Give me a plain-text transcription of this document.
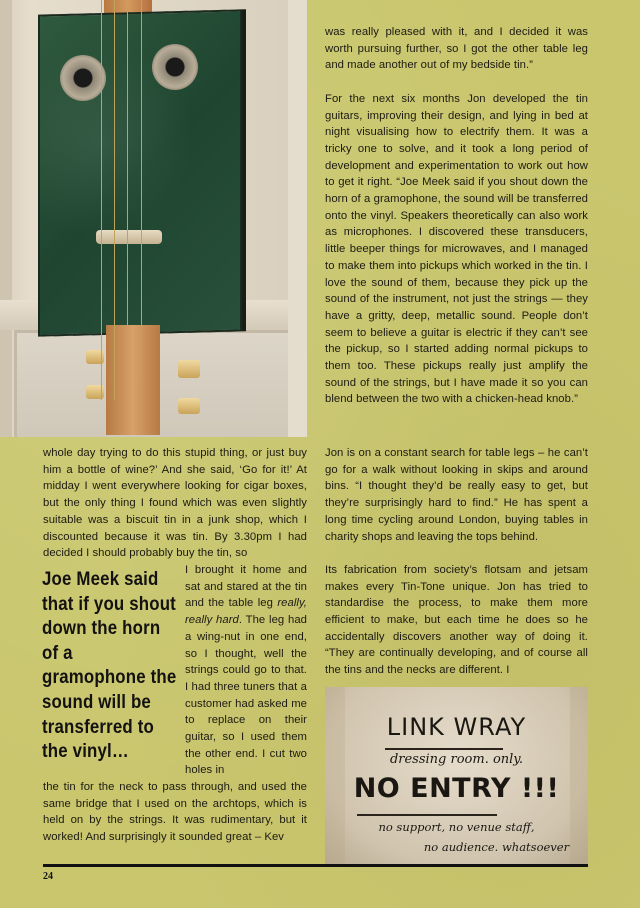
was really pleased with it, and I decided it was worth pursuing further, so I got the other table leg and made another out of my bedside tin.”

For the next six months Jon developed the tin guitars, improving their design, and lying in bed at night visualising how to electrify them. It was a tricky one to solve, and it took a long period of development and experimentation to work out how to get it right. “Joe Meek said if you shout down the horn of a gramophone, the sound will be transferred onto the vinyl. Speakers theoretically can also work as microphones. I discovered these transducers, little beeper things for microwaves, and I managed to make them into pickups which worked in the tin. I love the sound of them, because they pick up the sound of the instrument, not just the strings — they have a gritty, deep, metallic sound. People don’t seem to believe a guitar is electric if they can’t see the pickup, so I started adding normal pickups to them too. These pickups really just amplify the sound of the strings, but I have made it so you can blend between the two with a chicken-head knob.”

whole day trying to do this stupid thing, or just buy him a bottle of wine?’ And she said, ‘Go for it!’ At midday I went everywhere looking for cigar boxes, but the only thing I found which was even slightly suitable was a biscuit tin in a junk shop, which I discounted because it was tin. By 3.30pm I had decided I should probably buy the tin, so

Joe Meek said that if you shout down the horn of a gramophone the sound will be transferred to the vinyl…

I brought it home and sat and stared at the tin and the table leg really, really hard. The leg had a wing-nut in one end, so I thought, well the strings could go to that. I had three tuners that a customer had asked me to replace on their guitar, so I used them the other end. I cut two holes in

the tin for the neck to pass through, and used the same bridge that I used on the archtops, which is held on by the strings. It was rudimentary, but it worked! And surprisingly it sounded great – Kev

Jon is on a constant search for table legs – he can’t go for a walk without looking in skips and around bins. “I thought they’d be really easy to get, but they’re surprisingly hard to find.” He has spent a long time cycling around London, buying tables in charity shops and leaving the tops behind.

Its fabrication from society’s flotsam and jetsam makes every Tin-Tone unique. Jon has tried to standardise the process, to make them more efficient to make, but each time he does so he accidentally discovers another way of doing it. “They are continually developing, and of course all the tins and the necks are different. I

LINK WRAY
dressing room. only.
NO ENTRY !!!
no support, no venue staff,
no audience. whatsoever
24
